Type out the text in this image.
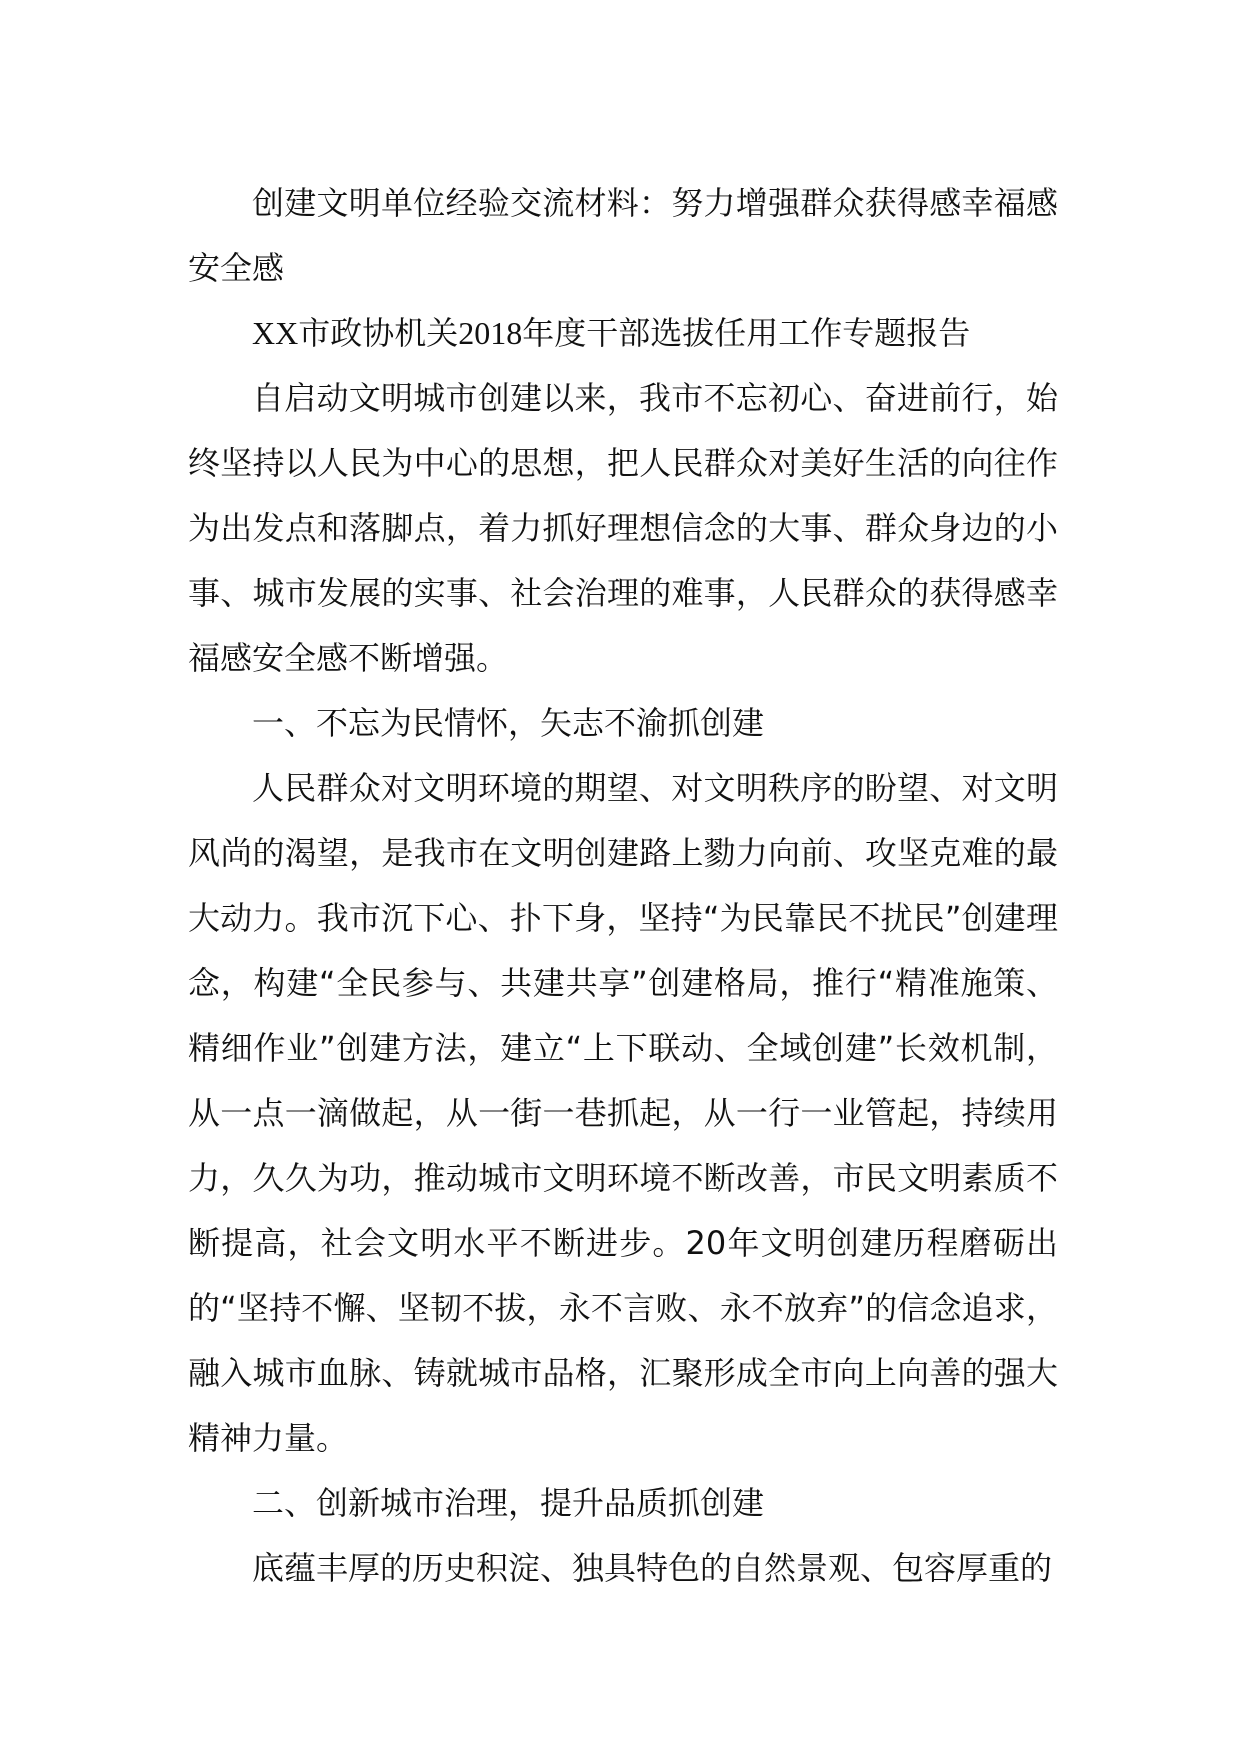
创建文明单位经验交流材料：努力增强群众获得感幸福感安全感

XX市政协机关2018年度干部选拔任用工作专题报告

自启动文明城市创建以来，我市不忘初心、奋进前行，始终坚持以人民为中心的思想，把人民群众对美好生活的向往作为出发点和落脚点，着力抓好理想信念的大事、群众身边的小事、城市发展的实事、社会治理的难事，人民群众的获得感幸福感安全感不断增强。

一、不忘为民情怀，矢志不渝抓创建

人民群众对文明环境的期望、对文明秩序的盼望、对文明风尚的渴望，是我市在文明创建路上勠力向前、攻坚克难的最大动力。我市沉下心、扑下身，坚持“为民靠民不扰民”创建理念，构建“全民参与、共建共享”创建格局，推行“精准施策、精细作业”创建方法，建立“上下联动、全域创建”长效机制，从一点一滴做起，从一街一巷抓起，从一行一业管起，持续用力，久久为功，推动城市文明环境不断改善，市民文明素质不断提高，社会文明水平不断进步。20年文明创建历程磨砺出的“坚持不懈、坚韧不拔，永不言败、永不放弃”的信念追求，融入城市血脉、铸就城市品格，汇聚形成全市向上向善的强大精神力量。

二、创新城市治理，提升品质抓创建

底蕴丰厚的历史积淀、独具特色的自然景观、包容厚重的
